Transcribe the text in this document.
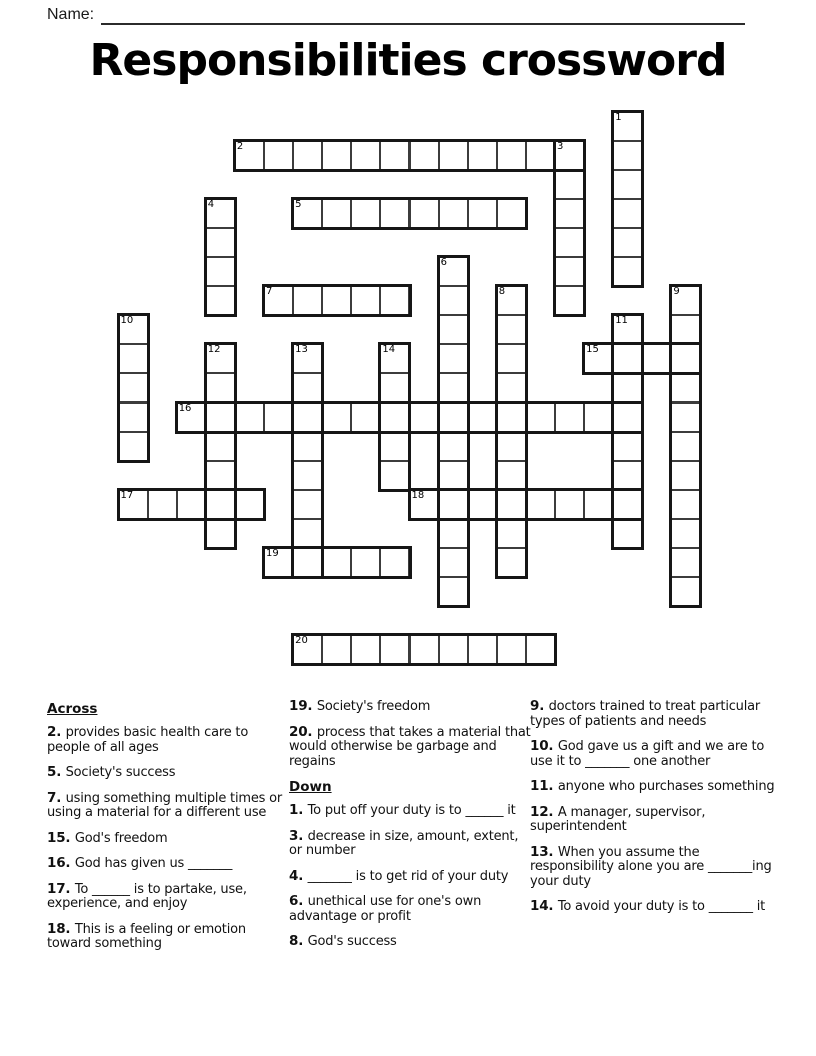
Name:
Responsibilities crossword
1
2	3
4	5
6
7	8	9
10	11
12	13	14	15
16
17	18
19
20
Across
2. provides basic health care to people of all ages
5. Society's success
7. using something multiple times or using a material for a different use
15. God's freedom
16. God has given us _______
17. To ______ is to partake, use, experience, and enjoy
18. This is a feeling or emotion toward something
19. Society's freedom
20. process that takes a material that would otherwise be garbage and regains
Down
1. To put off your duty is to ______ it
3. decrease in size, amount, extent, or number
4. _______ is to get rid of your duty
6. unethical use for one's own advantage or profit
8. God's success
9. doctors trained to treat particular types of patients and needs
10. God gave us a gift and we are to use it to _______ one another
11. anyone who purchases something
12. A manager, supervisor, superintendent
13. When you assume the responsibility alone you are _______ing your duty
14. To avoid your duty is to _______ it
